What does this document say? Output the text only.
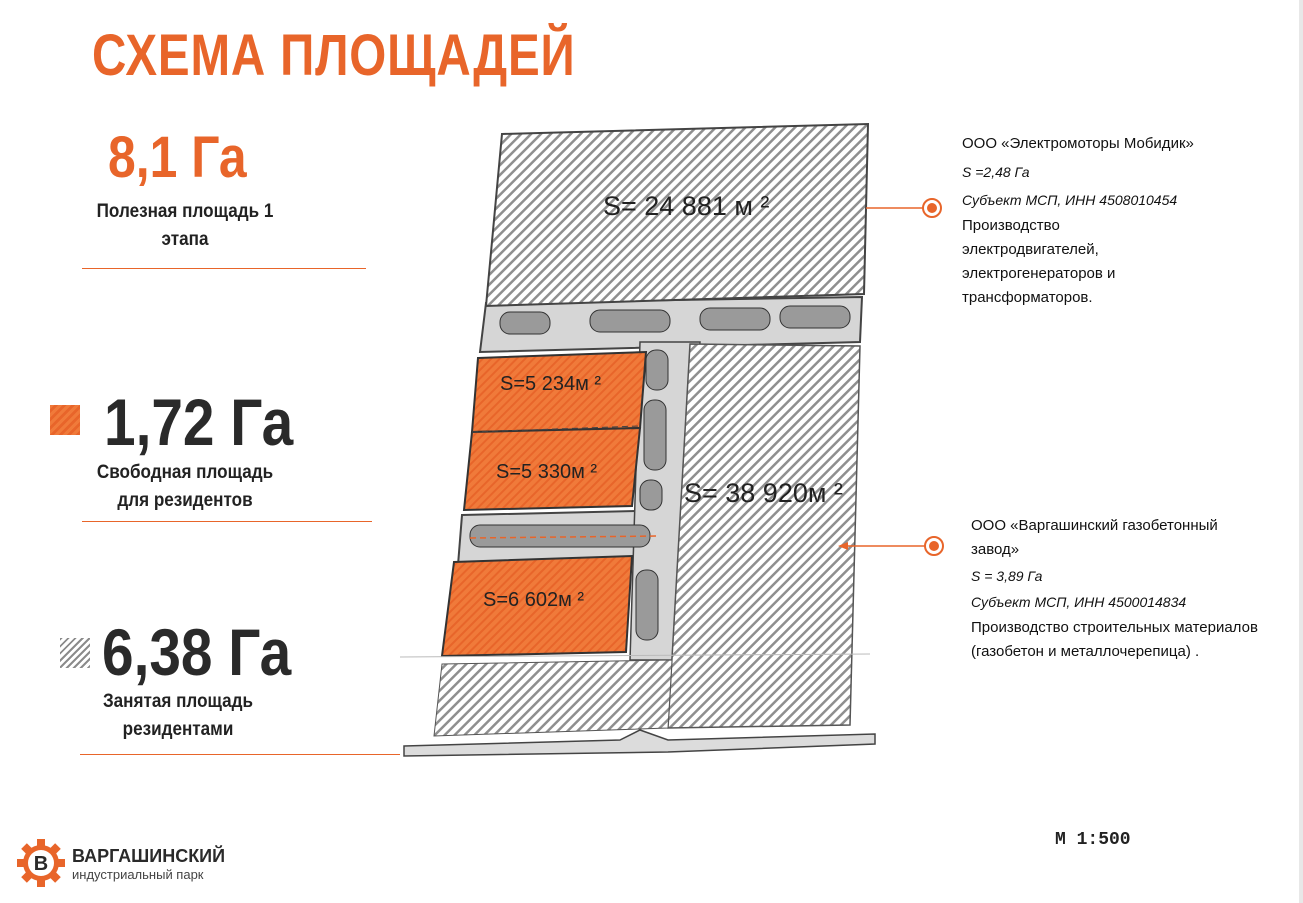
СХЕМА ПЛОЩАДЕЙ
8,1 Га
Полезная площадь 1
этапа
1,72 Га
Свободная площадь
для резидентов
6,38 Га
Занятая площадь
резидентами
S= 24 881 м ²
S=5 234м ²
S=5 330м ²
S=6 602м ²
S= 38 920м ²
ООО «Электромоторы Мобидик»
S =2,48 Га
Субъект МСП, ИНН 4508010454
Производство
электродвигателей,
электрогенераторов и
трансформаторов.
ООО «Варгашинский газобетонный
завод»
S = 3,89 Га
Субъект МСП, ИНН 4500014834
Производство строительных материалов
(газобетон и металлочерепица) .
М 1:500
В ВАРГАШИНСКИЙ
индустриальный парк
